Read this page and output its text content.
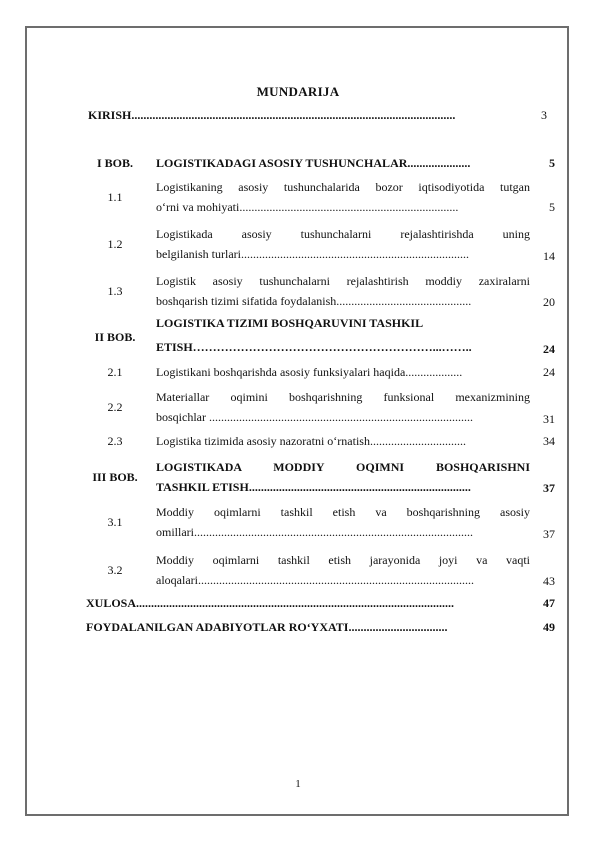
MUNDARIJA
KIRISH............................................................................................................	3
I BOB.	LOGISTIKADAGI ASOSIY TUSHUNCHALAR.....................	5
1.1
Logistikaning asosiy tushunchalarida bozor iqtisodiyotida tutgan
o‘rni va mohiyati.........................................................................	5
1.2
Logistikada asosiy tushunchalarni rejalashtirishda uning
belgilanish turlari............................................................................	14
1.3
Logistik asosiy tushunchalarni rejalashtirish moddiy zaxiralarni
boshqarish tizimi sifatida foydalanish.............................................	20
II BOB.
LOGISTIKA TIZIMI BOSHQARUVINI TASHKIL
ETISH……………………………………………………...……..	24
2.1	Logistikani boshqarishda asosiy funksiyalari haqida...................	24
2.2
Materiallar oqimini boshqarishning funksional mexanizmining
bosqichlar ........................................................................................	31
2.3	Logistika tizimida asosiy nazoratni o‘rnatish................................	34
III BOB.
LOGISTIKADA MODDIY OQIMNI BOSHQARISHNI
TASHKIL ETISH..........................................................................	37
3.1
Moddiy oqimlarni tashkil etish va boshqarishning asosiy
omillari.............................................................................................	37
3.2
Moddiy oqimlarni tashkil etish jarayonida joyi va vaqti
aloqalari............................................................................................	43
XULOSA..........................................................................................................	47
FOYDALANILGAN ADABIYOTLAR RO‘YXATI.................................	49
1
